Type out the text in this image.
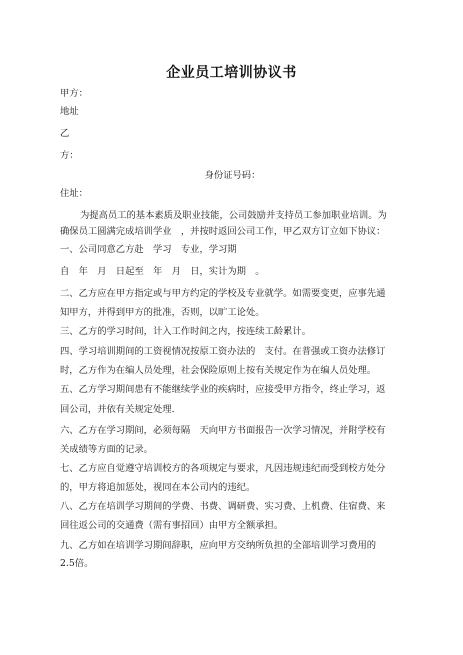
企业员工培训协议书
甲方：
地址
乙
方：
身份证号码：
住址：
为提高员工的基本素质及职业技能，公司鼓励并支持员工参加职业培训。为
确保员工圆满完成培训学业　，并按时返回公司工作，甲乙双方订立如下协议：
一、公司同意乙方赴　学习　专业，学习期
自　年　月　日起至　年　月　日，实计为期　。
二、乙方应在甲方指定或与甲方约定的学校及专业就学。如需要变更，应事先通
知甲方，并得到甲方的批准，否则，以旷工论处。
三、乙方的学习时间，计入工作时间之内，按连续工龄累计。
四、学习培训期间的工资视情况按原工资办法的　支付。在普强或工资办法修订
时，乙方作为在编人员处理，社会保险原则上按有关规定作为在编人员处理。
五、乙方学习期间患有不能继续学业的疾病时，应接受甲方指令，终止学习，返
回公司，并依有关规定处理.
六、乙方在学习期间，必须每隔　天向甲方书面报告一次学习情况，并附学校有
关成绩等方面的记录。
七、乙方应自觉遵守培训校方的各项规定与要求，凡因违规违纪而受到校方处分
的，甲方将追加惩处，视同在本公司内的违纪。
八、乙方在培训学习期间的学费、书费、调研费、实习费、上机费、住宿费、来
回往返公司的交通费（需有事招回）由甲方全额承担。
九、乙方如在培训学习期间辞职，应向甲方交纳所负担的全部培训学习费用的
2.5倍。
